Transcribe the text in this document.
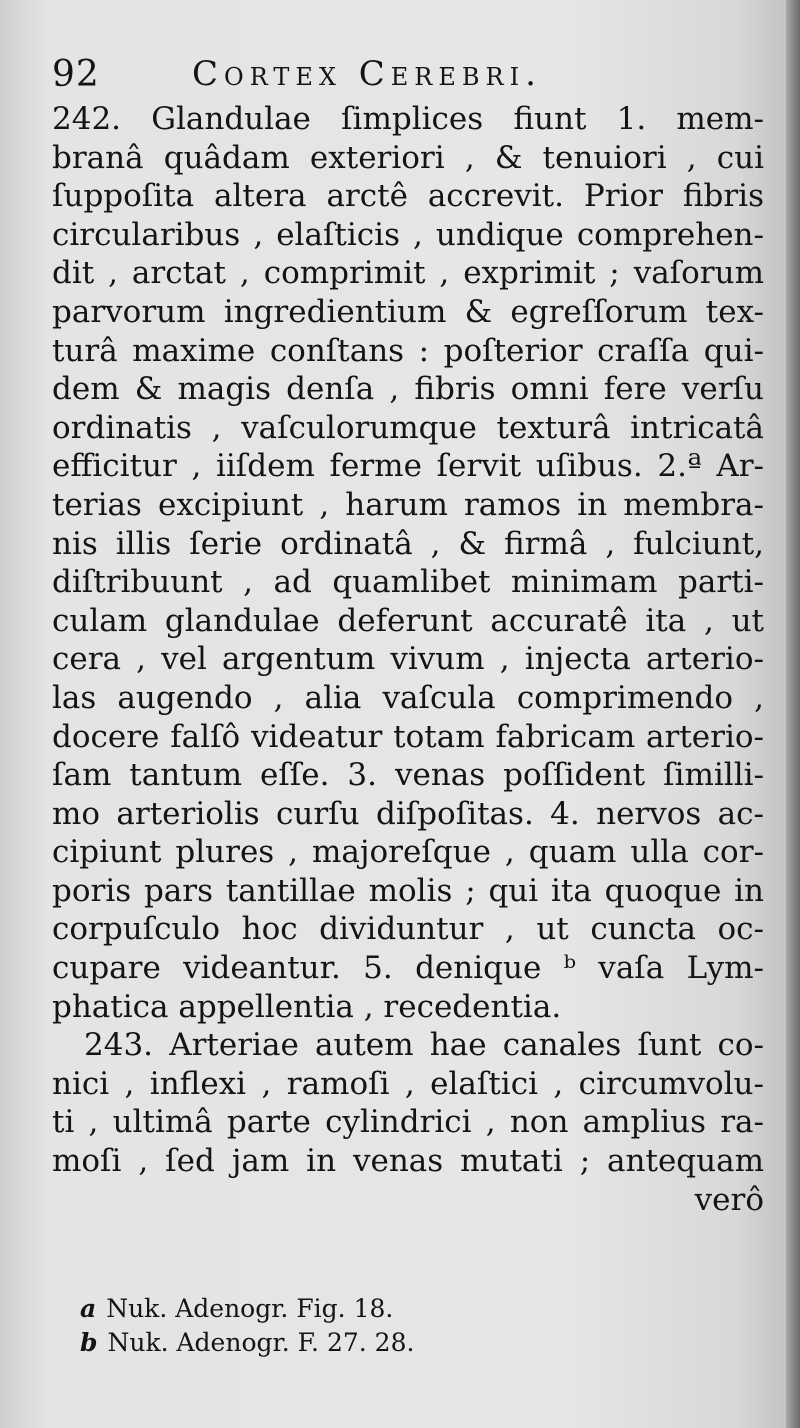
92	Cortex Cerebri.
242. Glandulae ſimplices fiunt 1. mem-
branâ quâdam exteriori , & tenuiori , cui
ſuppoſita altera arctê accrevit. Prior fibris
circularibus , elaſticis , undique comprehen-
dit , arctat , comprimit , exprimit ; vaſorum
parvorum ingredientium & egreſſorum tex-
turâ maxime conſtans : poſterior craſſa qui-
dem & magis denſa , fibris omni fere verſu
ordinatis , vaſculorumque texturâ intricatâ
efficitur , iiſdem ferme ſervit uſibus. 2.ª Ar-
terias excipiunt , harum ramos in membra-
nis illis ſerie ordinatâ , & firmâ , fulciunt,
diſtribuunt , ad quamlibet minimam parti-
culam glandulae deferunt accuratê ita , ut
cera , vel argentum vivum , injecta arterio-
las augendo , alia vaſcula comprimendo ,
docere falſô videatur totam fabricam arterio-
ſam tantum eſſe. 3. venas poſſident ſimilli-
mo arteriolis curſu diſpoſitas. 4. nervos ac-
cipiunt plures , majoreſque , quam ulla cor-
poris pars tantillae molis ; qui ita quoque in
corpuſculo hoc dividuntur , ut cuncta oc-
cupare videantur. 5. denique ᵇ vaſa Lym-
phatica appellentia , recedentia.
243. Arteriae autem hae canales ſunt co-
nici , inflexi , ramoſi , elaſtici , circumvolu-
ti , ultimâ parte cylindrici , non amplius ra-
moſi , ſed jam in venas mutati ; antequam
verô
a Nuk. Adenogr. Fig. 18.
b Nuk. Adenogr. F. 27. 28.
